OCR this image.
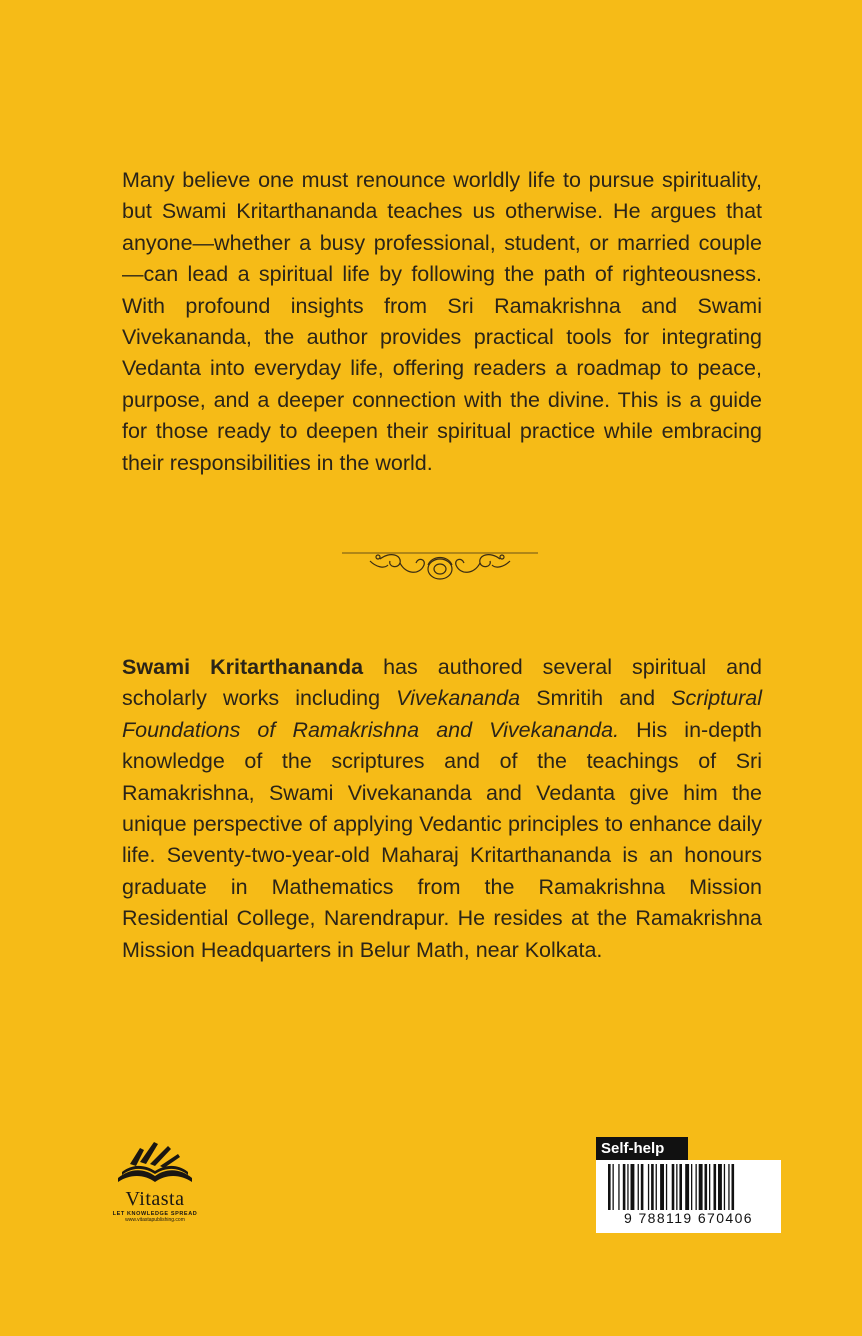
Many believe one must renounce worldly life to pursue spirituality, but Swami Kritarthananda teaches us otherwise. He argues that anyone—whether a busy professional, student, or married couple—can lead a spiritual life by following the path of righteousness. With profound insights from Sri Ramakrishna and Swami Vivekananda, the author provides practical tools for integrating Vedanta into everyday life, offering readers a roadmap to peace, purpose, and a deeper connection with the divine. This is a guide for those ready to deepen their spiritual practice while embracing their responsibilities in the world.

Swami Kritarthananda has authored several spiritual and scholarly works including Vivekananda Smritih and Scriptural Foundations of Ramakrishna and Vivekananda. His in-depth knowledge of the scriptures and of the teachings of Sri Ramakrishna, Swami Vivekananda and Vedanta give him the unique perspective of applying Vedantic principles to enhance daily life. Seventy-two-year-old Maharaj Kritarthananda is an honours graduate in Mathematics from the Ramakrishna Mission Residential College, Narendrapur. He resides at the Ramakrishna Mission Headquarters in Belur Math, near Kolkata.

Vitasta
LET KNOWLEDGE SPREAD
www.vitastapublishing.com
Self-help
9 788119 670406
